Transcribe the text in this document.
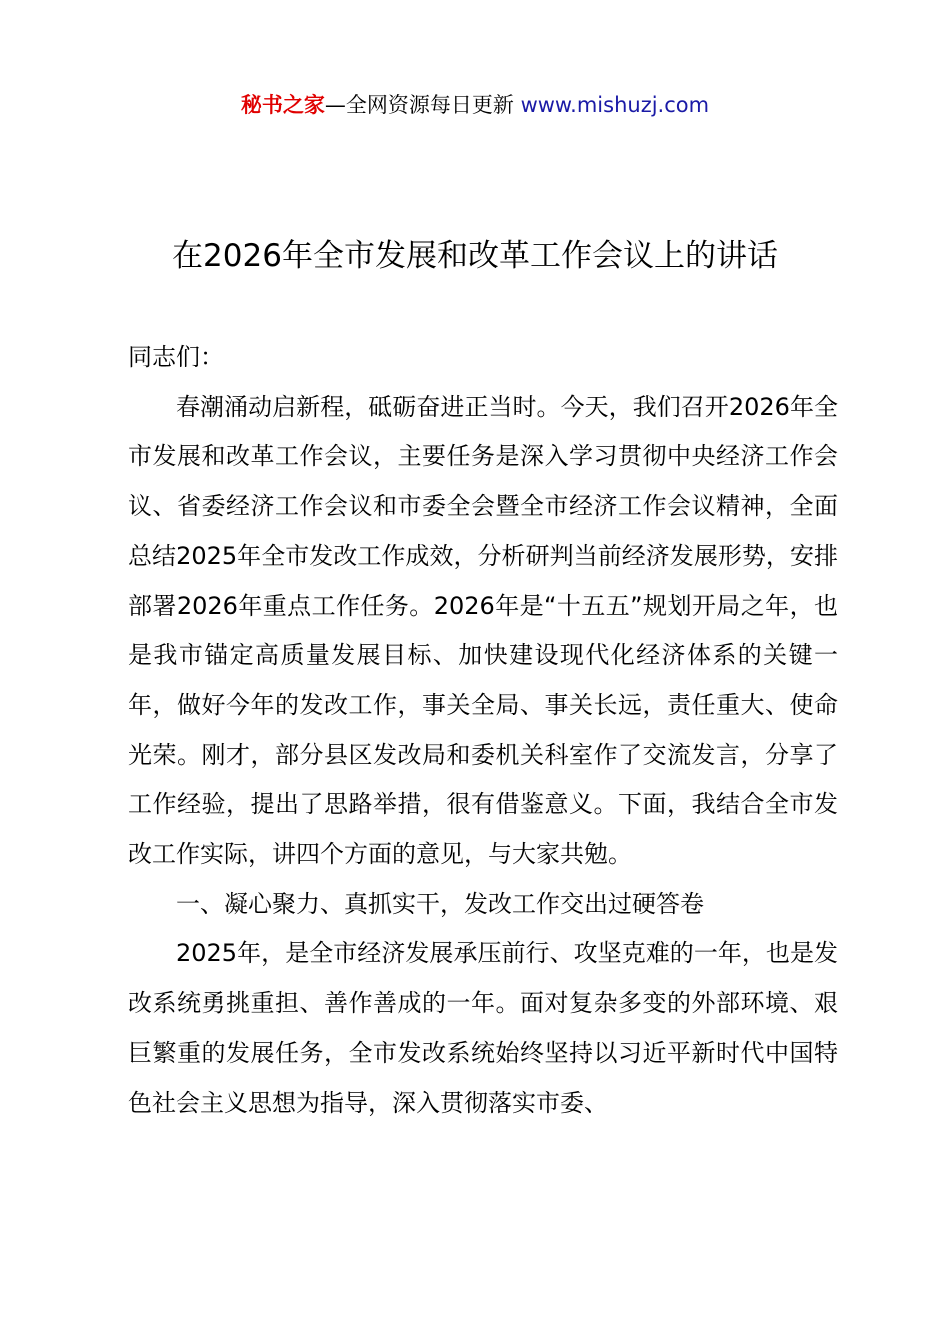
秘书之家—全网资源每日更新 www.mishuzj.com
在2026年全市发展和改革工作会议上的讲话

同志们：

春潮涌动启新程，砥砺奋进正当时。今天，我们召开2026年全市发展和改革工作会议，主要任务是深入学习贯彻中央经济工作会议、省委经济工作会议和市委全会暨全市经济工作会议精神，全面总结2025年全市发改工作成效，分析研判当前经济发展形势，安排部署2026年重点工作任务。2026年是“十五五”规划开局之年，也是我市锚定高质量发展目标、加快建设现代化经济体系的关键一年，做好今年的发改工作，事关全局、事关长远，责任重大、使命光荣。刚才，部分县区发改局和委机关科室作了交流发言，分享了工作经验，提出了思路举措，很有借鉴意义。下面，我结合全市发改工作实际，讲四个方面的意见，与大家共勉。

一、凝心聚力、真抓实干，发改工作交出过硬答卷

2025年，是全市经济发展承压前行、攻坚克难的一年，也是发改系统勇挑重担、善作善成的一年。面对复杂多变的外部环境、艰巨繁重的发展任务，全市发改系统始终坚持以习近平新时代中国特色社会主义思想为指导，深入贯彻落实市委、
